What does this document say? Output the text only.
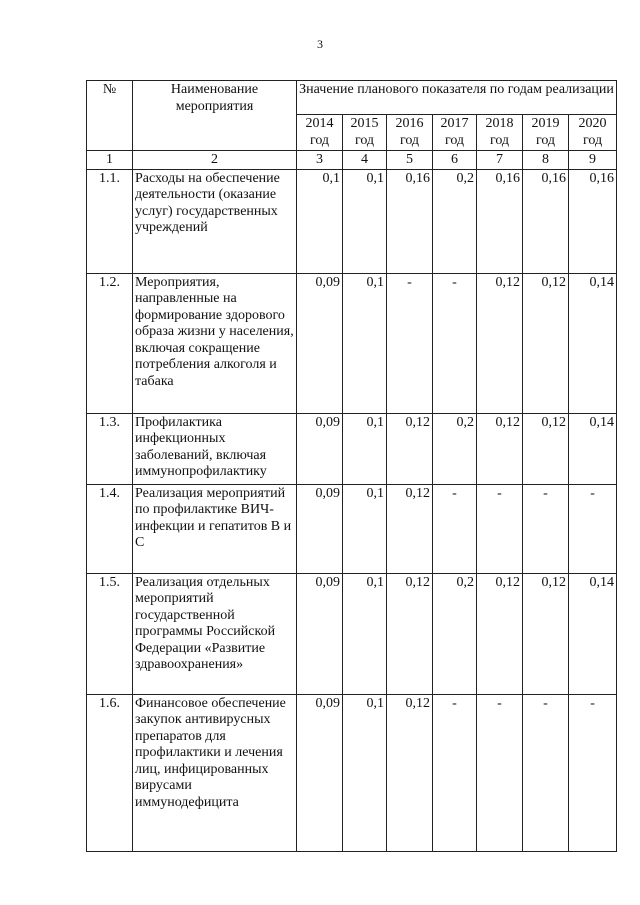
3
№	Наименование мероприятия	Значение планового показателя по годам реализации						
		2014 год	2015 год	2016 год	2017 год	2018 год	2019 год	2020 год
1	2	3	4	5	6	7	8	9
1.1.	Расходы на обеспечение деятельности (оказание услуг) государственных учреждений	0,1	0,1	0,16	0,2	0,16	0,16	0,16
1.2.	Мероприятия, направленные на формирование здорового образа жизни у населения, включая сокращение потребления алкоголя и табака	0,09	0,1	-	-	0,12	0,12	0,14
1.3.	Профилактика инфекционных заболеваний, включая иммунопрофилактику	0,09	0,1	0,12	0,2	0,12	0,12	0,14
1.4.	Реализация мероприятий по профилактике ВИЧ-инфекции и гепатитов В и С	0,09	0,1	0,12	-	-	-	-
1.5.	Реализация отдельных мероприятий государственной программы Российской Федерации «Развитие здравоохранения»	0,09	0,1	0,12	0,2	0,12	0,12	0,14
1.6.	Финансовое обеспечение закупок антивирусных препаратов для профилактики и лечения лиц, инфицированных вирусами иммунодефицита	0,09	0,1	0,12	-	-	-	-
